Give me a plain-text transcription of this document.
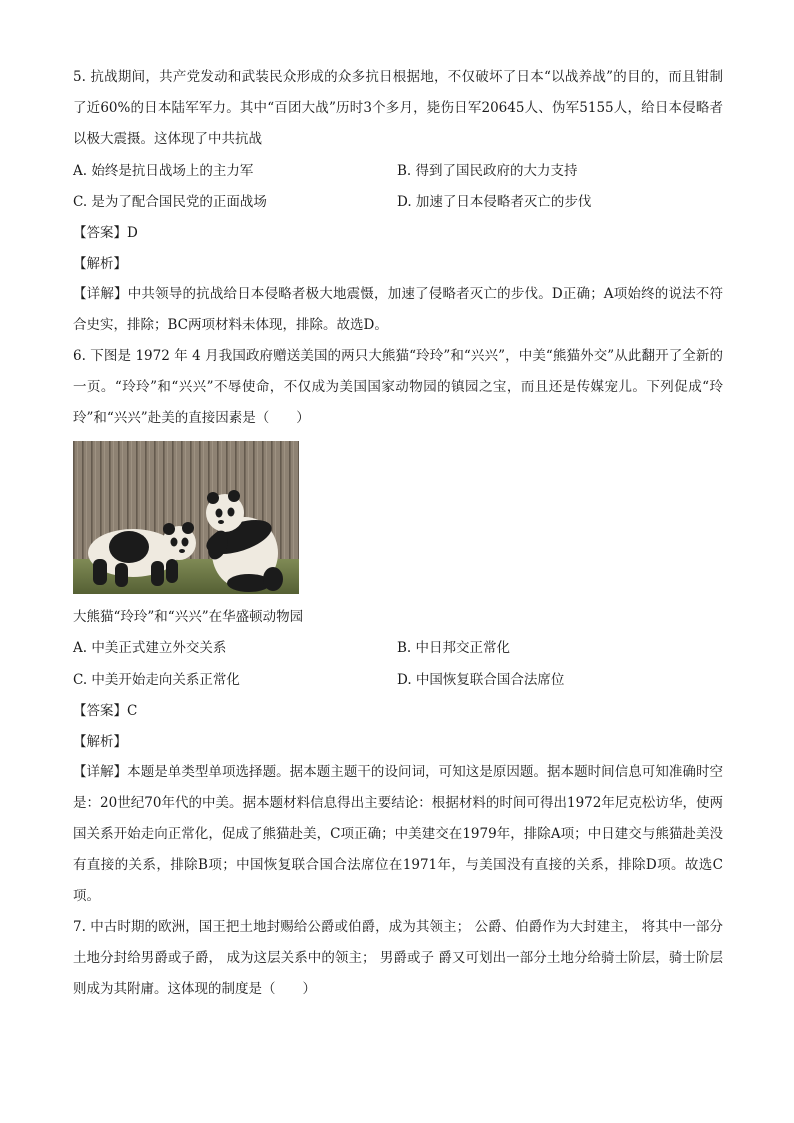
5. 抗战期间，共产党发动和武装民众形成的众多抗日根据地，不仅破坏了日本“以战养战”的目的，而且钳制了近60%的日本陆军军力。其中“百团大战”历时3个多月，毙伤日军20645人、伪军5155人，给日本侵略者以极大震摄。这体现了中共抗战

A. 始终是抗日战场上的主力军	B. 得到了国民政府的大力支持
C. 是为了配合国民党的正面战场	D. 加速了日本侵略者灭亡的步伐
【答案】D
【解析】

【详解】中共领导的抗战给日本侵略者极大地震慑，加速了侵略者灭亡的步伐。D正确；A项始终的说法不符合史实，排除；BC两项材料未体现，排除。故选D。

6. 下图是 1972 年 4 月我国政府赠送美国的两只大熊猫“玲玲”和“兴兴”，中美“熊猫外交”从此翻开了全新的一页。“玲玲”和“兴兴”不辱使命，不仅成为美国国家动物园的镇园之宝，而且还是传媒宠儿。下列促成“玲玲”和“兴兴”赴美的直接因素是（　　）

大熊猫“玲玲”和“兴兴”在华盛顿动物园
A. 中美正式建立外交关系	B. 中日邦交正常化
C. 中美开始走向关系正常化	D. 中国恢复联合国合法席位
【答案】C
【解析】

【详解】本题是单类型单项选择题。据本题主题干的设问词，可知这是原因题。据本题时间信息可知准确时空是：20世纪70年代的中美。据本题材料信息得出主要结论：根据材料的时间可得出1972年尼克松访华，使两国关系开始走向正常化，促成了熊猫赴美，C项正确；中美建交在1979年，排除A项；中日建交与熊猫赴美没有直接的关系，排除B项；中国恢复联合国合法席位在1971年，与美国没有直接的关系，排除D项。故选C项。

7. 中古时期的欧洲，国王把土地封赐给公爵或伯爵，成为其领主； 公爵、伯爵作为大封建主， 将其中一部分土地分封给男爵或子爵， 成为这层关系中的领主； 男爵或子 爵又可划出一部分土地分给骑士阶层，骑士阶层则成为其附庸。这体现的制度是（　　）
